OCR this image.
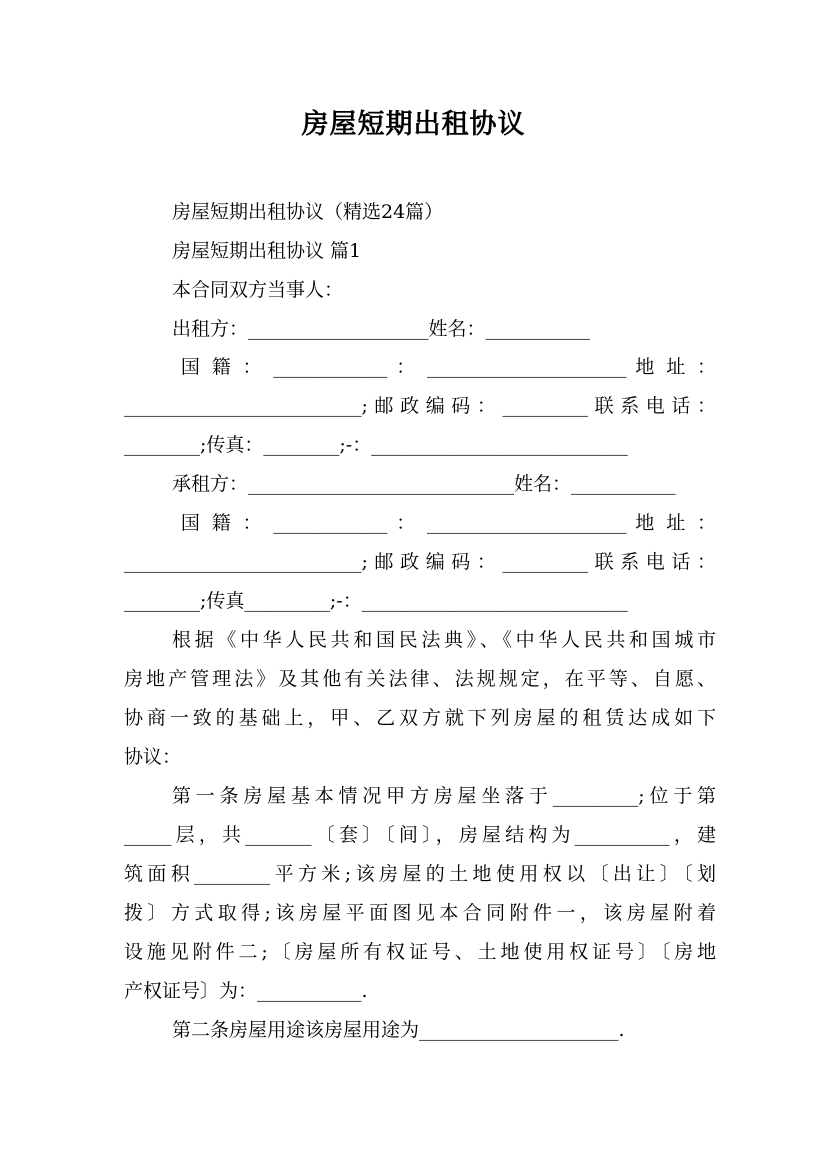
房屋短期出租协议
房屋短期出租协议（精选24篇）
房屋短期出租协议 篇1
本合同双方当事人：
出租方：___________________姓名：___________
国 籍 ： ____________ ： _____________________ 地 址 ：
_________________________;邮政编码：_________联系电话：
________;传真：________;-：___________________________
承租方：____________________________姓名：___________
国 籍 ： ____________ ： _____________________ 地 址 ：
_________________________;邮政编码：_________联系电话：
________;传真_________;-：____________________________
根据《中华人民共和国民法典》、《中华人民共和国城市
房地产管理法》及其他有关法律、法规规定，在平等、自愿、
协商一致的基础上，甲、乙双方就下列房屋的租赁达成如下
协议：
第一条房屋基本情况甲方房屋坐落于_________;位于第
_____层，共_______〔套〕〔间〕，房屋结构为__________，建
筑面积________平方米;该房屋的土地使用权以〔出让〕〔划
拨〕方式取得;该房屋平面图见本合同附件一，该房屋附着
设施见附件二;〔房屋所有权证号、土地使用权证号〕〔房地
产权证号〕为：___________.
第二条房屋用途该房屋用途为_____________________.
